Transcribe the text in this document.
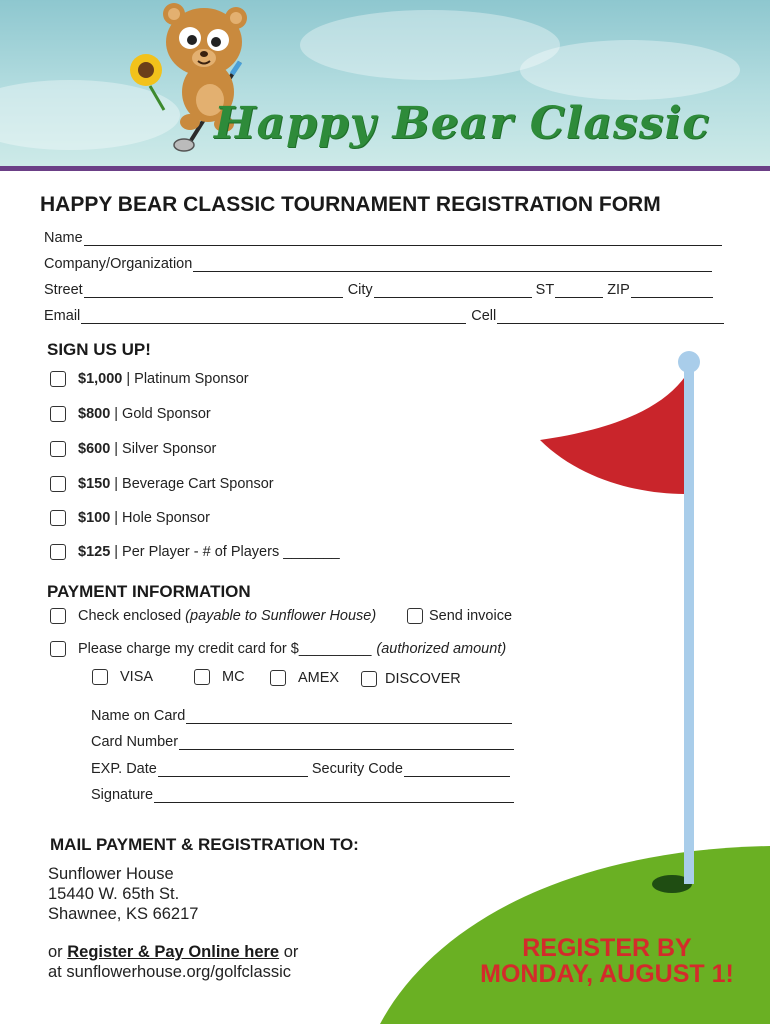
Happy Bear Classic
HAPPY BEAR CLASSIC TOURNAMENT REGISTRATION FORM
Name
Company/Organization
Street	City	ST	ZIP
Email	Cell
SIGN US UP!
$1,000 | Platinum Sponsor
$800 | Gold Sponsor
$600 | Silver Sponsor
$150 | Beverage Cart Sponsor
$100 | Hole Sponsor
$125 | Per Player - # of Players _______
PAYMENT INFORMATION
Check enclosed (payable to Sunflower House)	Send invoice
Please charge my credit card for $_________ (authorized amount)
VISA	MC	AMEX	DISCOVER
Name on Card
Card Number
EXP. Date	Security Code
Signature
MAIL PAYMENT & REGISTRATION TO:
Sunflower House
15440 W. 65th St.
Shawnee, KS 66217
or Register & Pay Online here or
at sunflowerhouse.org/golfclassic
REGISTER BY
MONDAY, AUGUST 1!
